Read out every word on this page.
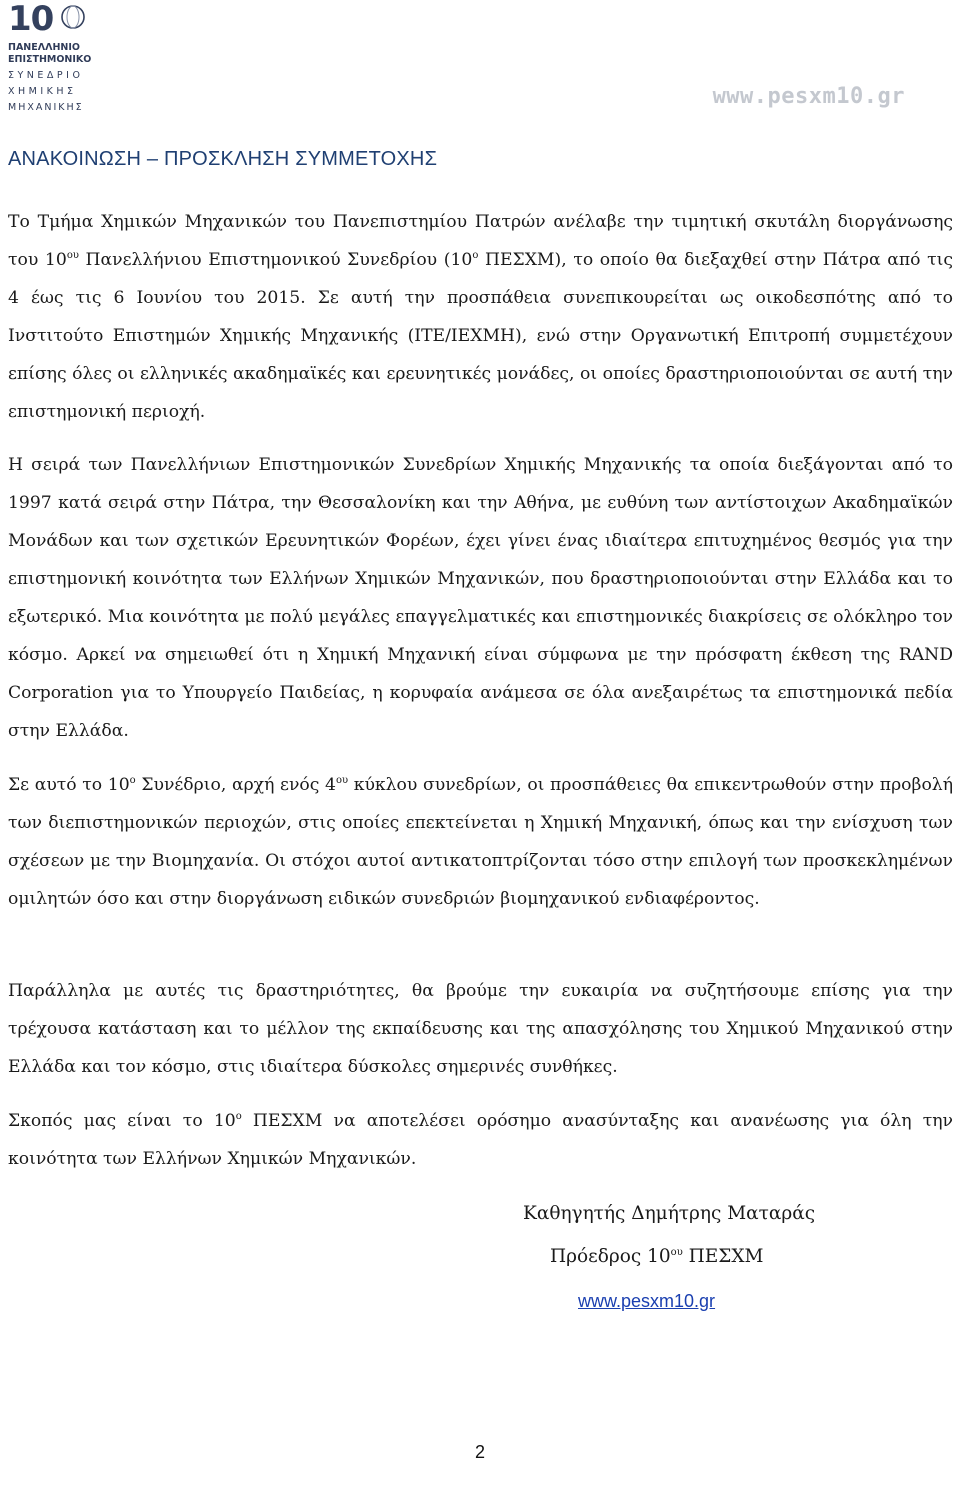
10
ΠΑΝΕΛΛΗΝΙΟ
ΕΠΙΣΤΗΜΟΝΙΚΟ
ΣΥΝΕΔΡΙΟ
ΧΗΜΙΚΗΣ
ΜΗΧΑΝΙΚΗΣ	www.pesxm10.gr
ΑΝΑΚΟΙΝΩΣΗ – ΠΡΟΣΚΛΗΣΗ ΣΥΜΜΕΤΟΧΗΣ

Το Τμήμα Χημικών Μηχανικών του Πανεπιστημίου Πατρών ανέλαβε την τιμητική σκυτάλη διοργάνωσης του $10^{o\upsilon}$ Πανελλήνιου Επιστημονικού Συνεδρίου ($10^o$ ΠΕΣΧΜ), το οποίο θα διεξαχθεί στην Πάτρα από τις 4 έως τις 6 Ιουνίου του 2015. Σε αυτή την προσπάθεια συνεπικουρείται ως οικοδεσπότης από το Ινστιτούτο Επιστημών Χημικής Μηχανικής (ΙΤΕ/ΙΕΧΜΗ), ενώ στην Οργανωτική Επιτροπή συμμετέχουν επίσης όλες οι ελληνικές ακαδημαϊκές και ερευνητικές μονάδες, οι οποίες δραστηριοποιούνται σε αυτή την επιστημονική περιοχή.

Η σειρά των Πανελλήνιων Επιστημονικών Συνεδρίων Χημικής Μηχανικής τα οποία διεξάγονται από το 1997 κατά σειρά στην Πάτρα, την Θεσσαλονίκη και την Αθήνα, με ευθύνη των αντίστοιχων Ακαδημαϊκών Μονάδων και των σχετικών Ερευνητικών Φορέων, έχει γίνει ένας ιδιαίτερα επιτυχημένος θεσμός για την επιστημονική κοινότητα των Ελλήνων Χημικών Μηχανικών, που δραστηριοποιούνται στην Ελλάδα και το εξωτερικό. Μια κοινότητα με πολύ μεγάλες επαγγελματικές και επιστημονικές διακρίσεις σε ολόκληρο τον κόσμο. Αρκεί να σημειωθεί ότι η Χημική Μηχανική είναι σύμφωνα με την πρόσφατη έκθεση της RAND Corporation για το Υπουργείο Παιδείας, η κορυφαία ανάμεσα σε όλα ανεξαιρέτως τα επιστημονικά πεδία στην Ελλάδα.

Σε αυτό το $10^o$ Συνέδριο, αρχή ενός $4^{o\upsilon}$ κύκλου συνεδρίων, οι προσπάθειες θα επικεντρωθούν στην προβολή των διεπιστημονικών περιοχών, στις οποίες επεκτείνεται η Χημική Μηχανική, όπως και την ενίσχυση των σχέσεων με την Βιομηχανία. Οι στόχοι αυτοί αντικατοπτρίζονται τόσο στην επιλογή των προσκεκλημένων ομιλητών όσο και στην διοργάνωση ειδικών συνεδριών βιομηχανικού ενδιαφέροντος.

Παράλληλα με αυτές τις δραστηριότητες, θα βρούμε την ευκαιρία να συζητήσουμε επίσης για την τρέχουσα κατάσταση και το μέλλον της εκπαίδευσης και της απασχόλησης του Χημικού Μηχανικού στην Ελλάδα και τον κόσμο, στις ιδιαίτερα δύσκολες σημερινές συνθήκες.

Σκοπός μας είναι το $10^o$ ΠΕΣΧΜ να αποτελέσει ορόσημο ανασύνταξης και ανανέωσης για όλη την κοινότητα των Ελλήνων Χημικών Μηχανικών.

Καθηγητής Δημήτρης Ματαράς

Πρόεδρος $10^{o\upsilon}$ ΠΕΣΧΜ

www.pesxm10.gr

2
